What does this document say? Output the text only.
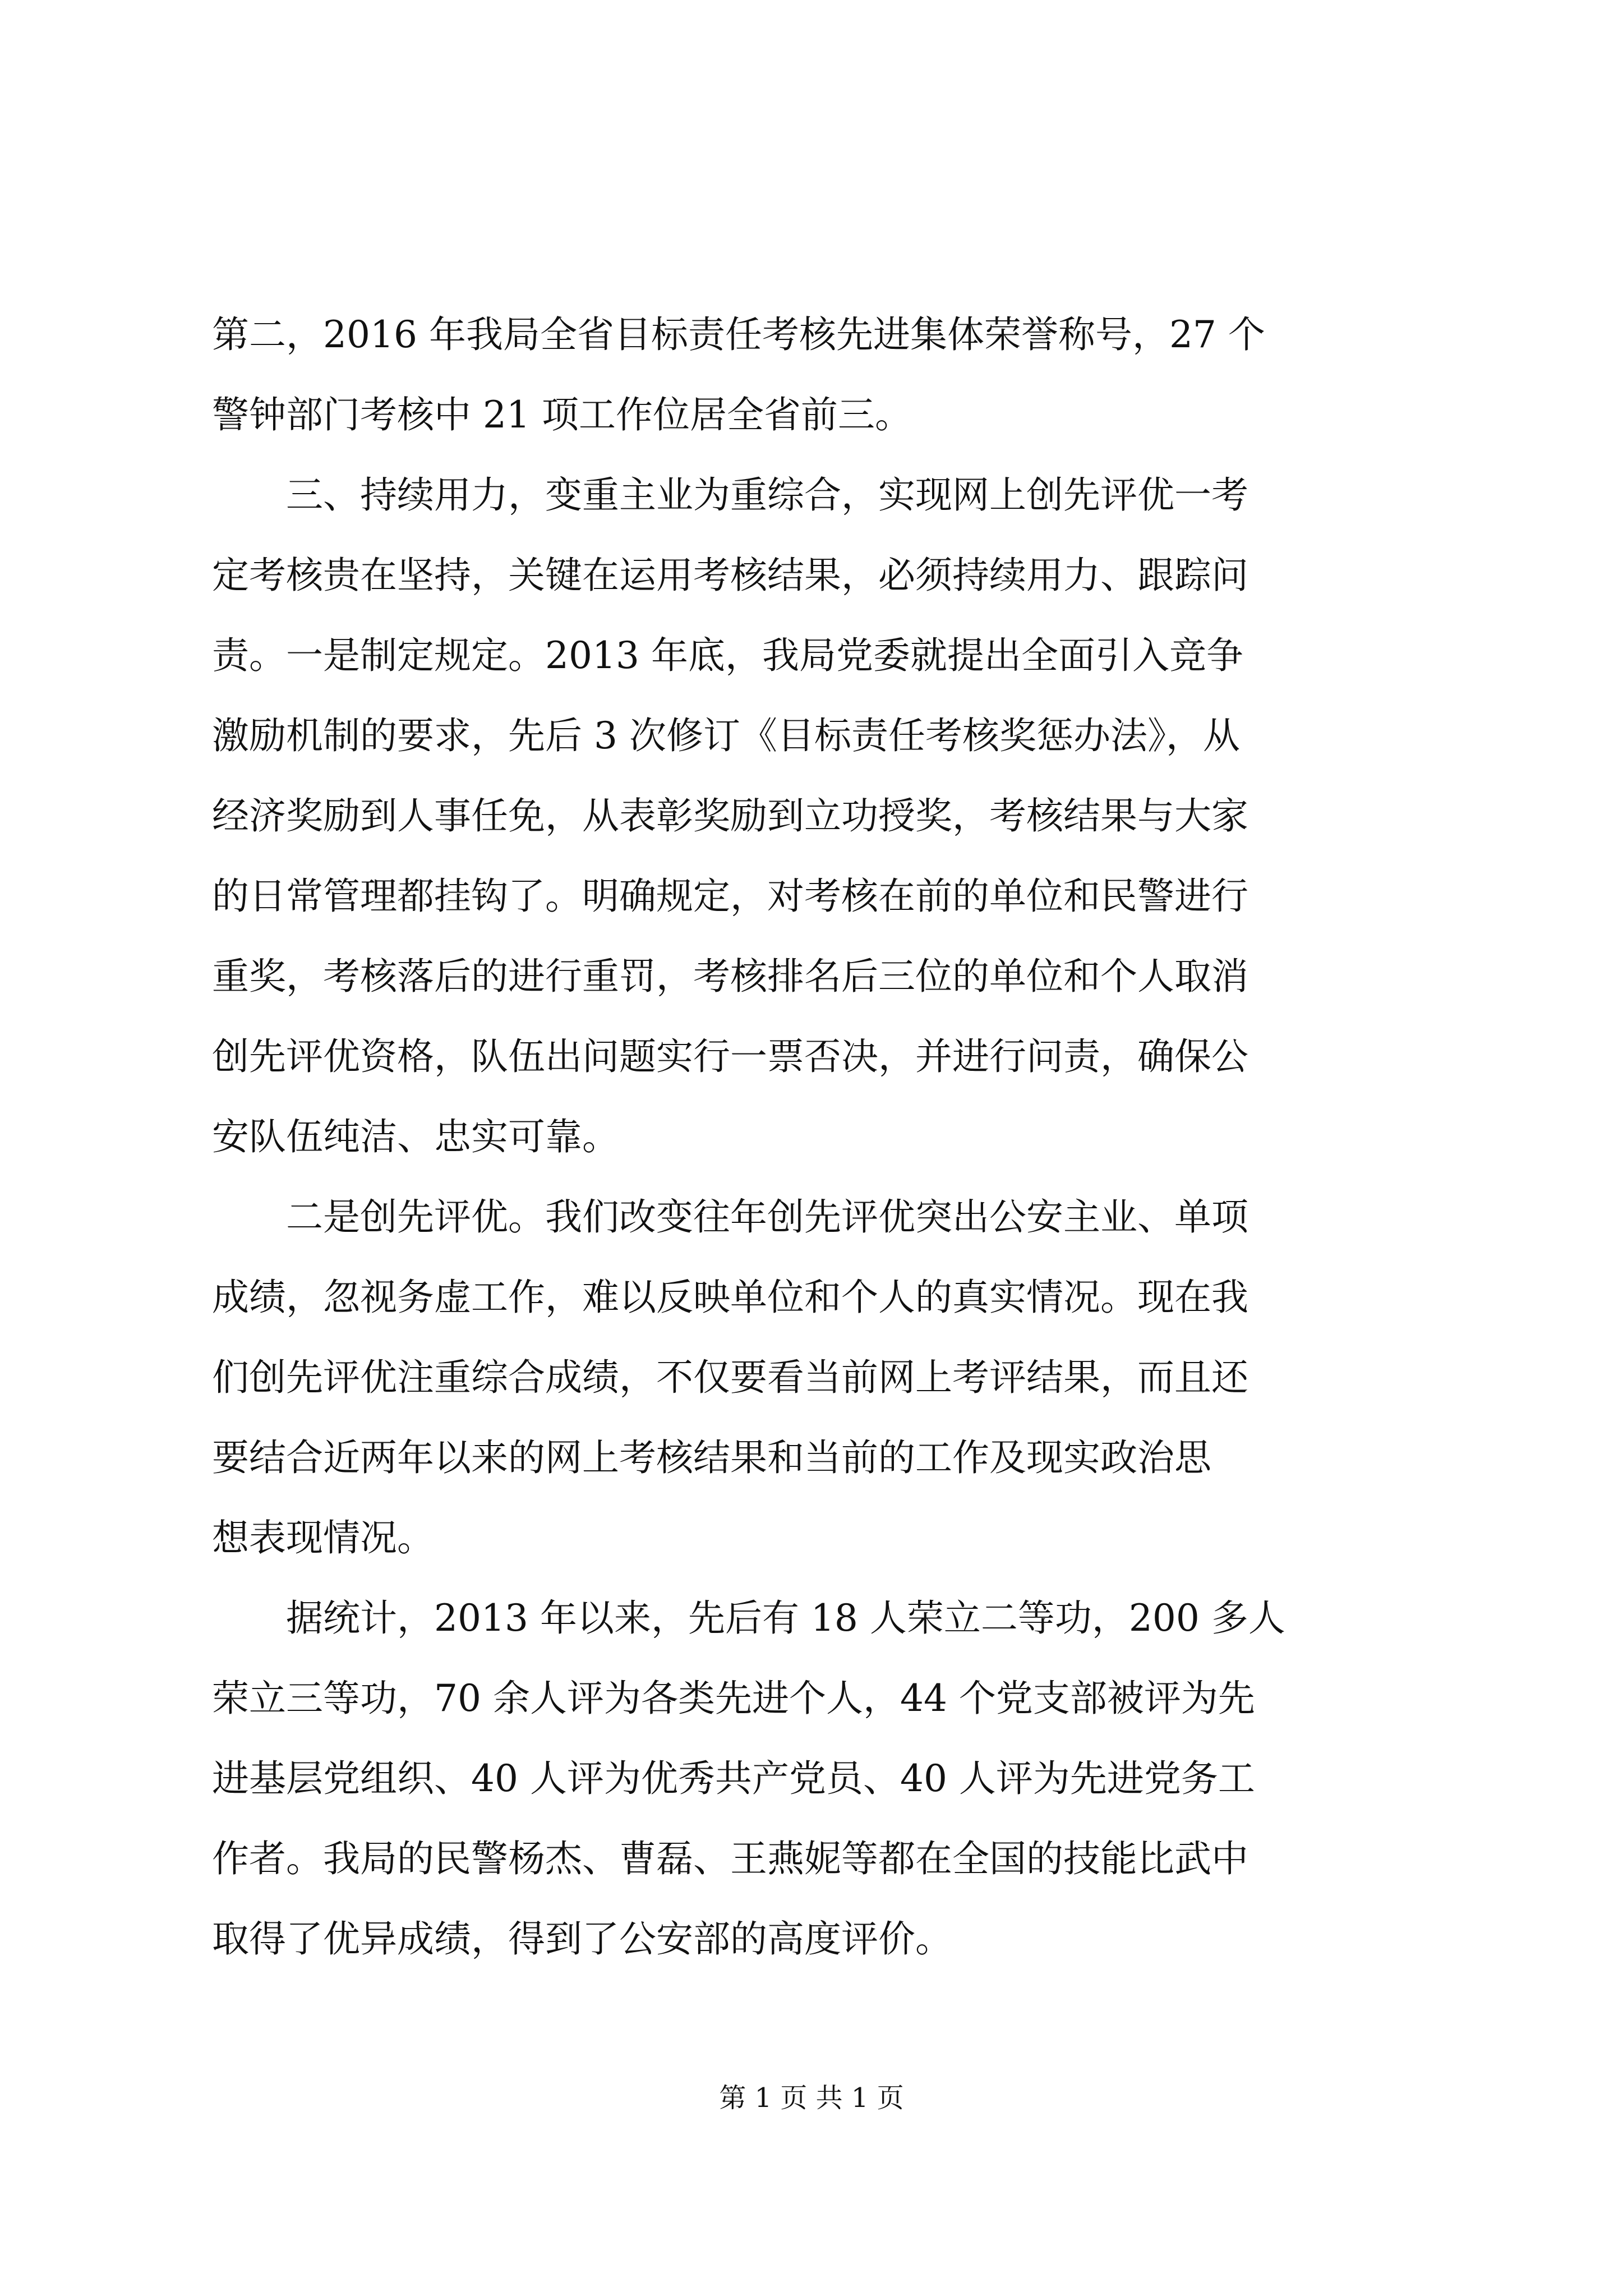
第二，2016 年我局全省目标责任考核先进集体荣誉称号，27 个
警钟部门考核中 21 项工作位居全省前三。

三、持续用力，变重主业为重综合，实现网上创先评优一考
定考核贵在坚持，关键在运用考核结果，必须持续用力、跟踪问
责。一是制定规定。2013 年底，我局党委就提出全面引入竞争
激励机制的要求，先后 3 次修订《目标责任考核奖惩办法》，从
经济奖励到人事任免，从表彰奖励到立功授奖，考核结果与大家
的日常管理都挂钩了。明确规定，对考核在前的单位和民警进行
重奖，考核落后的进行重罚，考核排名后三位的单位和个人取消
创先评优资格，队伍出问题实行一票否决，并进行问责，确保公
安队伍纯洁、忠实可靠。

二是创先评优。我们改变往年创先评优突出公安主业、单项
成绩，忽视务虚工作，难以反映单位和个人的真实情况。现在我
们创先评优注重综合成绩，不仅要看当前网上考评结果，而且还
要结合近两年以来的网上考核结果和当前的工作及现实政治思
想表现情况。

据统计，2013 年以来，先后有 18 人荣立二等功，200 多人
荣立三等功，70 余人评为各类先进个人，44 个党支部被评为先
进基层党组织、40 人评为优秀共产党员、40 人评为先进党务工
作者。我局的民警杨杰、曹磊、王燕妮等都在全国的技能比武中
取得了优异成绩，得到了公安部的高度评价。

第 1 页 共 1 页
